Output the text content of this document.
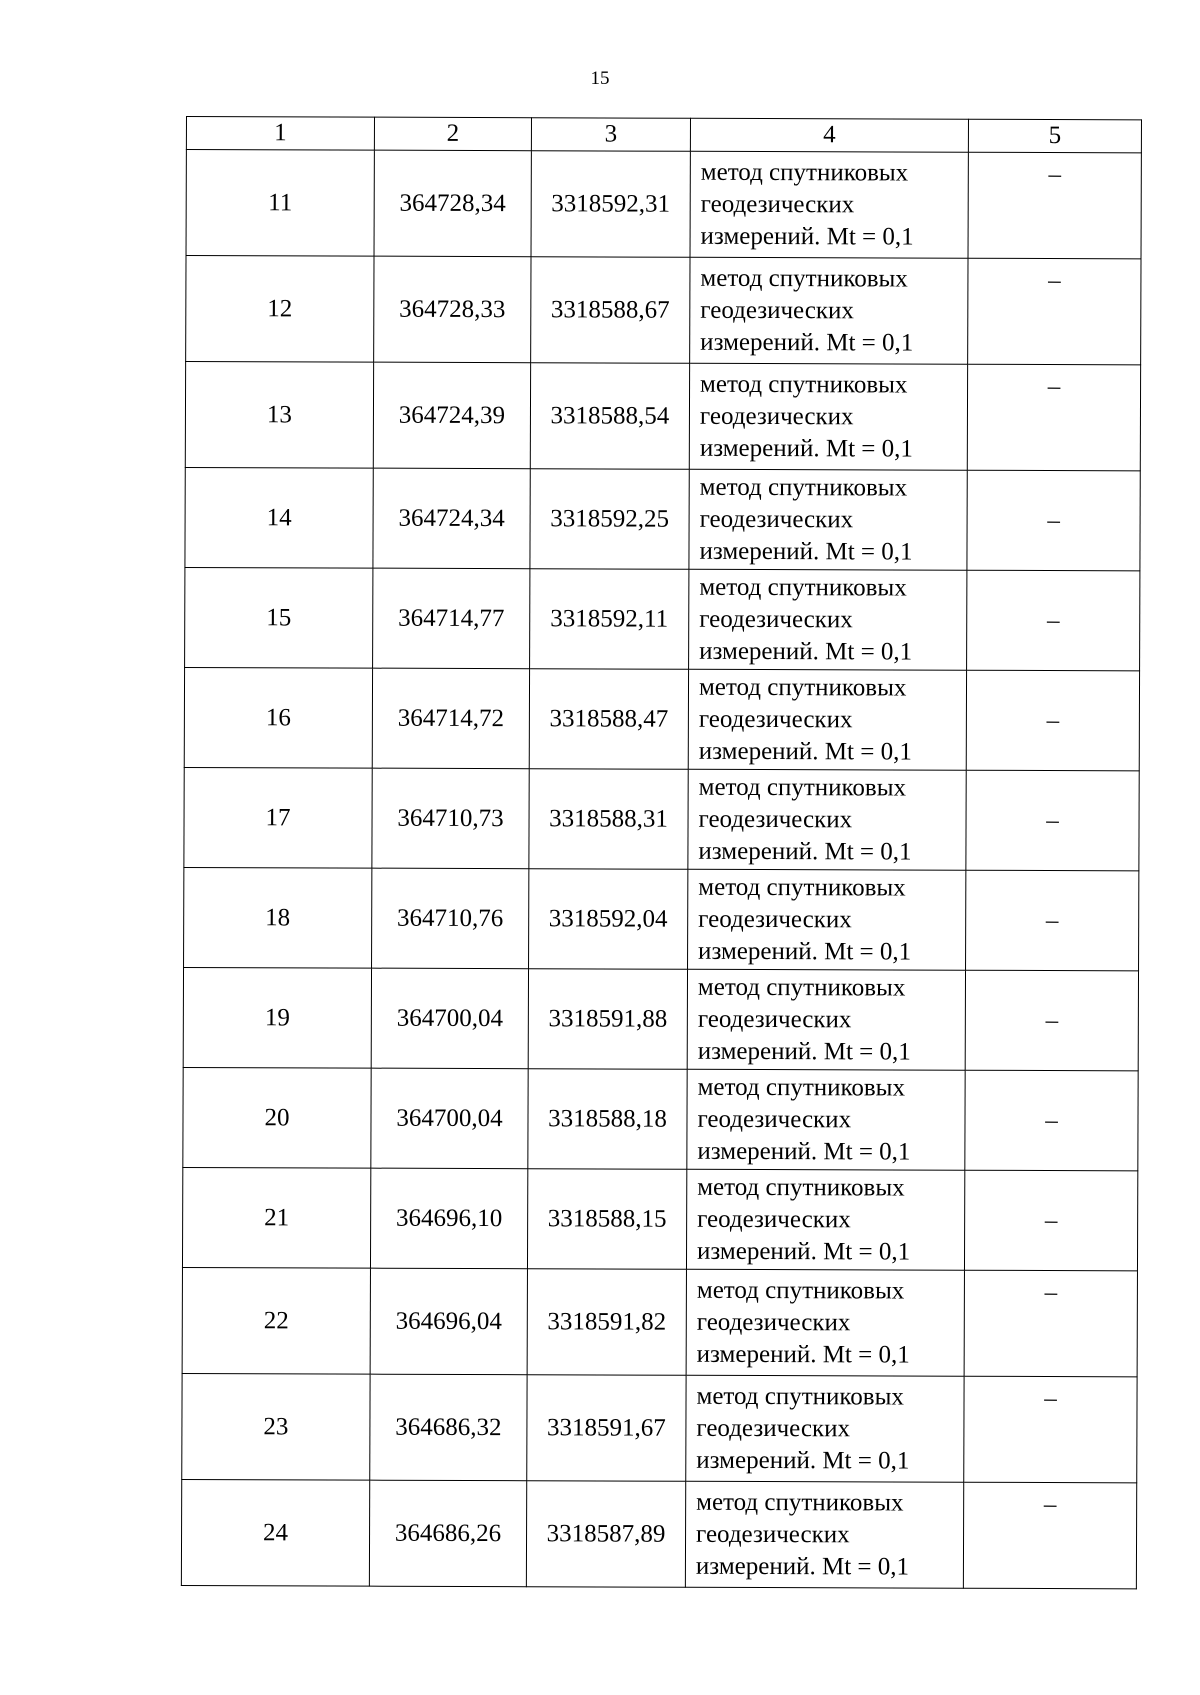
15
1	2	3	4	5
11	364728,34	3318592,31	метод спутниковых
геодезических
измерений. Mt = 0,1	–
12	364728,33	3318588,67	метод спутниковых
геодезических
измерений. Mt = 0,1	–
13	364724,39	3318588,54	метод спутниковых
геодезических
измерений. Mt = 0,1	–
14	364724,34	3318592,25	метод спутниковых
геодезических
измерений. Mt = 0,1	–
15	364714,77	3318592,11	метод спутниковых
геодезических
измерений. Mt = 0,1	–
16	364714,72	3318588,47	метод спутниковых
геодезических
измерений. Mt = 0,1	–
17	364710,73	3318588,31	метод спутниковых
геодезических
измерений. Mt = 0,1	–
18	364710,76	3318592,04	метод спутниковых
геодезических
измерений. Mt = 0,1	–
19	364700,04	3318591,88	метод спутниковых
геодезических
измерений. Mt = 0,1	–
20	364700,04	3318588,18	метод спутниковых
геодезических
измерений. Mt = 0,1	–
21	364696,10	3318588,15	метод спутниковых
геодезических
измерений. Mt = 0,1	–
22	364696,04	3318591,82	метод спутниковых
геодезических
измерений. Mt = 0,1	–
23	364686,32	3318591,67	метод спутниковых
геодезических
измерений. Mt = 0,1	–
24	364686,26	3318587,89	метод спутниковых
геодезических
измерений. Mt = 0,1	–
